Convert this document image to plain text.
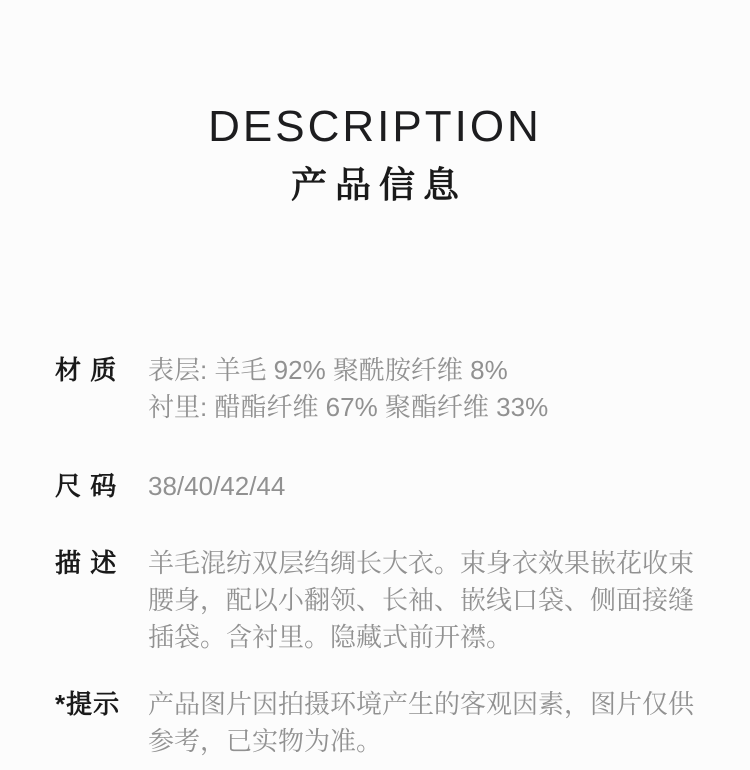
DESCRIPTION
产品信息
材 质	表层: 羊毛 92% 聚酰胺纤维 8%

衬里: 醋酯纤维 67% 聚酯纤维 33%

尺 码	38/40/42/44

描 述	羊毛混纺双层绉绸长大衣。束身衣效果嵌花收束腰身，配以小翻领、长袖、嵌线口袋、侧面接缝插袋。含衬里。隐藏式前开襟。

*提示	产品图片因拍摄环境产生的客观因素，图片仅供参考，已实物为准。
